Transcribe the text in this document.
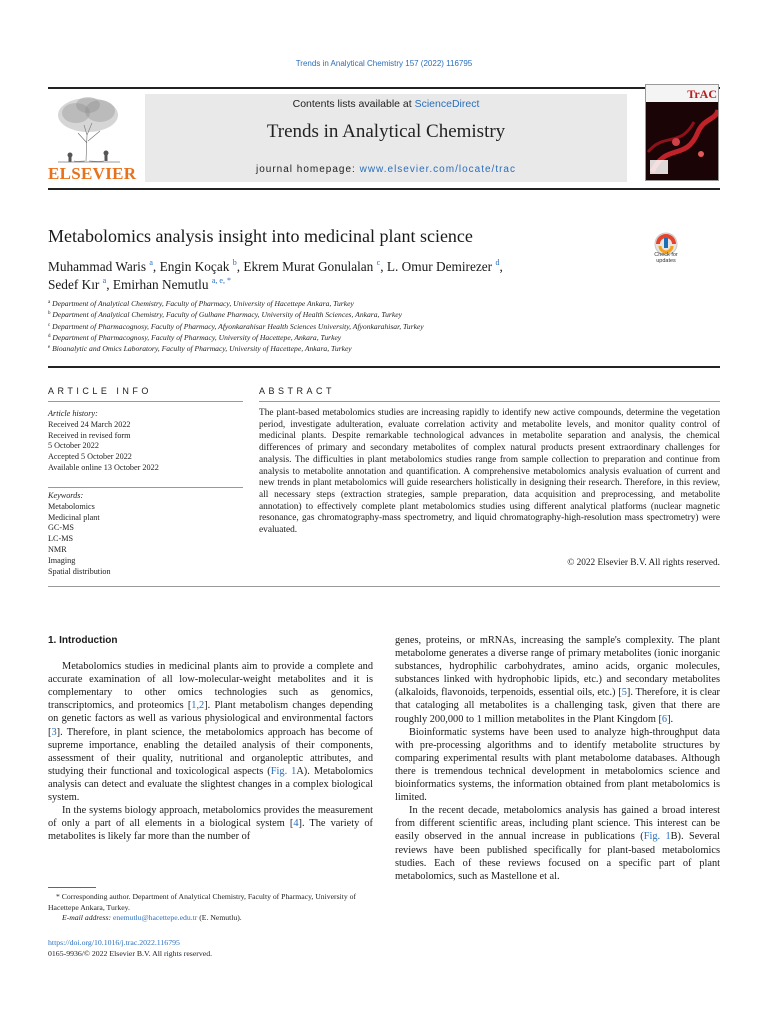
Trends in Analytical Chemistry 157 (2022) 116795
ELSEVIER
Contents lists available at ScienceDirect
Trends in Analytical Chemistry
journal homepage: www.elsevier.com/locate/trac
TrAC
Metabolomics analysis insight into medicinal plant science
Muhammad Waris $^a$, Engin Koçak $^b$, Ekrem Murat Gonulalan $^c$, L. Omur Demirezer $^d$,
Sedef Kır $^a$, Emirhan Nemutlu $^{a, e, *}$
Check for updates
$^a$ Department of Analytical Chemistry, Faculty of Pharmacy, University of Hacettepe Ankara, Turkey
$^b$ Department of Analytical Chemistry, Faculty of Gulhane Pharmacy, University of Health Sciences, Ankara, Turkey
$^c$ Department of Pharmacognosy, Faculty of Pharmacy, Afyonkarahisar Health Sciences University, Afyonkarahisar, Turkey
$^d$ Department of Pharmacognosy, Faculty of Pharmacy, University of Hacettepe, Ankara, Turkey
$^e$ Bioanalytic and Omics Laboratory, Faculty of Pharmacy, University of Hacettepe, Ankara, Turkey
ARTICLE INFO	ABSTRACT
Article history:
Received 24 March 2022
Received in revised form
5 October 2022
Accepted 5 October 2022
Available online 13 October 2022
Keywords:
Metabolomics
Medicinal plant
GC-MS
LC-MS
NMR
Imaging
Spatial distribution
The plant-based metabolomics studies are increasing rapidly to identify new active compounds, determine the vegetation period, investigate adulteration, evaluate correlation activity and metabolite levels, and monitor quality control of medicinal plants. Despite remarkable technological advances in metabolite separation and analysis, the chemical differences of primary and secondary metabolites of complex natural products present extraordinary challenges for analysis. The difficulties in plant metabolomics studies range from sample collection to preparation and continue from analysis to metabolite annotation and quantification. A comprehensive metabolomics analysis evaluation of current and new trends in plant metabolomics will guide researchers holistically in designing their research. Therefore, in this review, all necessary steps (extraction strategies, sample preparation, data acquisition and preprocessing, and metabolite annotation) to effectively complete plant metabolomics studies using different analytical platforms (nuclear magnetic resonance, gas chromatography-mass spectrometry, and liquid chromatography-high-resolution mass spectrometry) were evaluated.
© 2022 Elsevier B.V. All rights reserved.
1. Introduction

Metabolomics studies in medicinal plants aim to provide a complete and accurate examination of all low-molecular-weight metabolites and it is complementary to other omics technologies such as genomics, transcriptomics, and proteomics [1,2]. Plant metabolism changes depending on genetic factors as well as various physiological and environmental factors [3]. Therefore, in plant science, the metabolomics approach has become of supreme importance, enabling the detailed analysis of their components, assessment of their quality, nutritional and organoleptic attributes, and studying their functional and toxicological aspects (Fig. 1A). Metabolomics analysis can detect and evaluate the slightest changes in a complex biological system.

In the systems biology approach, metabolomics provides the measurement of only a part of all elements in a biological system [4]. The variety of metabolites is likely far more than the number of

genes, proteins, or mRNAs, increasing the sample's complexity. The plant metabolome generates a diverse range of primary metabolites (ionic inorganic substances, hydrophilic carbohydrates, amino acids, organic molecules, substances linked with hydrophobic lipids, etc.) and secondary metabolites (alkaloids, flavonoids, terpenoids, essential oils, etc.) [5]. Therefore, it is clear that cataloging all metabolites is a challenging task, given that there are roughly 200,000 to 1 million metabolites in the Plant Kingdom [6].

Bioinformatic systems have been used to analyze high-throughput data with pre-processing algorithms and to identify metabolite structures by comparing experimental results with plant metabolome databases. Although there is tremendous technical development in metabolomics science and bioinformatics systems, the information obtained from plant metabolomics is limited.

In the recent decade, metabolomics analysis has gained a broad interest from different scientific areas, including plant science. This interest can be easily observed in the annual increase in publications (Fig. 1B). Several reviews have been published specifically for plant-based metabolomics studies. Each of these reviews focused on a specific part of plant metabolomics, such as Mastellone et al.

* Corresponding author. Department of Analytical Chemistry, Faculty of Pharmacy, University of Hacettepe Ankara, Turkey.
E-mail address: enemutlu@hacettepe.edu.tr (E. Nemutlu).
https://doi.org/10.1016/j.trac.2022.116795
0165-9936/© 2022 Elsevier B.V. All rights reserved.
